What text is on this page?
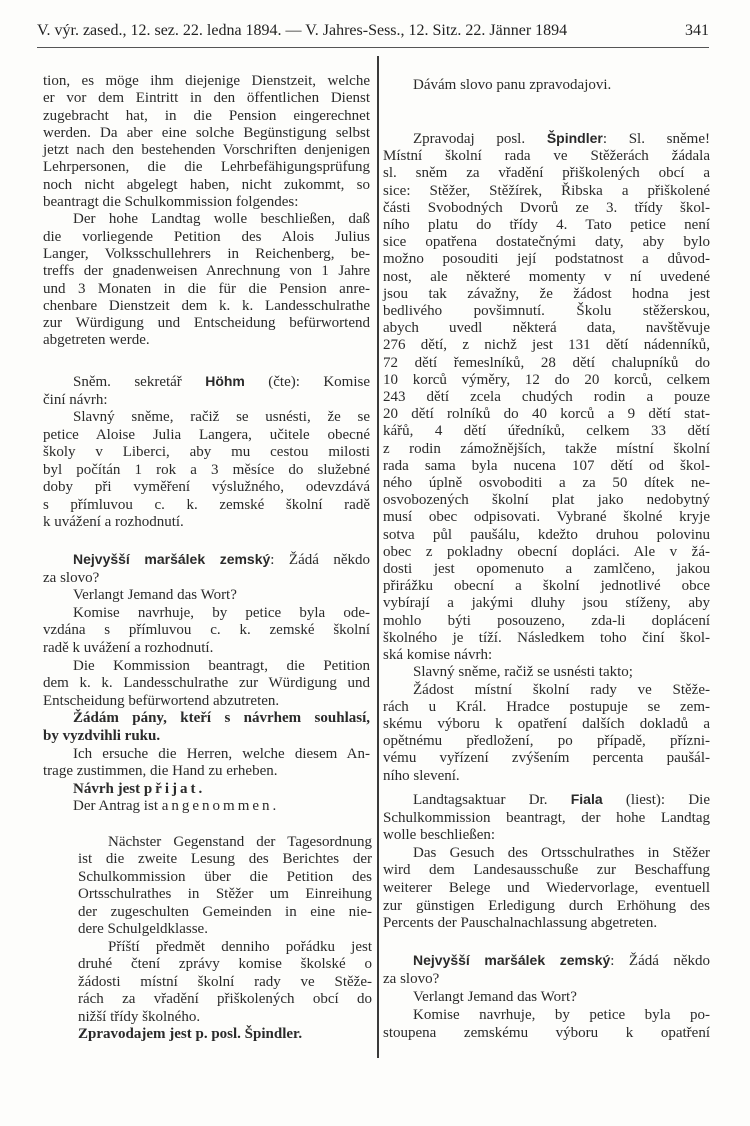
V. výr. zased., 12. sez. 22. ledna 1894. — V. Jahres-Sess., 12. Sitz. 22. Jänner 1894	341
tion, es möge ihm diejenige Dienstzeit, welche
er vor dem Eintritt in den öffentlichen Dienst
zugebracht hat, in die Pension eingerechnet
werden. Da aber eine solche Begünstigung selbst
jetzt nach den bestehenden Vorschriften denjenigen
Lehrpersonen, die die Lehrbefähigungsprüfung
noch nicht abgelegt haben, nicht zukommt, so
beantragt die Schulkommission folgendes:
Der hohe Landtag wolle beschließen, daß
die vorliegende Petition des Alois Julius
Langer, Volksschullehrers in Reichenberg, be-
treffs der gnadenweisen Anrechnung von 1 Jahre
und 3 Monaten in die für die Pension anre-
chenbare Dienstzeit dem k. k. Landesschulrathe
zur Würdigung und Entscheidung befürwortend
abgetreten werde.
Sněm. sekretář Höhm (čte): Komise
činí návrh:
Slavný sněme, račiž se usnésti, že se
petice Aloise Julia Langera, učitele obecné
školy v Liberci, aby mu cestou milosti
byl počítán 1 rok a 3 měsíce do služebné
doby při vyměření výslužného, odevzdává
s přímluvou c. k. zemské školní radě
k uvážení a rozhodnutí.
Nejvyšší maršálek zemský: Žádá někdo
za slovo?
Verlangt Jemand das Wort?
Komise navrhuje, by petice byla ode-
vzdána s přímluvou c. k. zemské školní
radě k uvážení a rozhodnutí.
Die Kommission beantragt, die Petition
dem k. k. Landesschulrathe zur Würdigung und
Entscheidung befürwortend abzutreten.
Žádám pány, kteří s návrhem souhlasí,
by vyzdvihli ruku.
Ich ersuche die Herren, welche diesem An-
trage zustimmen, die Hand zu erheben.
Návrh jest přijat.
Der Antrag ist angenommen.
Nächster Gegenstand der Tagesordnung
ist die zweite Lesung des Berichtes der
Schulkommission über die Petition des
Ortsschulrathes in Stěžer um Einreihung
der zugeschulten Gemeinden in eine nie-
dere Schulgeldklasse.
Příští předmět denniho pořádku jest
druhé čtení zprávy komise školské o
žádosti místní školní rady ve Stěže-
rách za vřadění přiškolených obcí do
nižší třídy školného.
Zpravodajem jest p. posl. Špindler.
Dávám slovo panu zpravodajovi.
Zpravodaj posl. Špindler: Sl. sněme!
Místní školní rada ve Stěžerách žádala
sl. sněm za vřadění přiškolených obcí a
sice: Stěžer, Stěžírek, Řibska a přiškolené
části Svobodných Dvorů ze 3. třídy škol-
ního platu do třídy 4. Tato petice není
sice opatřena dostatečnými daty, aby bylo
možno posouditi její podstatnost a důvod-
nost, ale některé momenty v ní uvedené
jsou tak závažny, že žádost hodna jest
bedlivého povšimnutí. Školu stěžerskou,
abych uvedl některá data, navštěvuje
276 dětí, z nichž jest 131 dětí nádenníků,
72 dětí řemeslníků, 28 dětí chalupníků do
10 korců výměry, 12 do 20 korců, celkem
243 dětí zcela chudých rodin a pouze
20 dětí rolníků do 40 korců a 9 dětí stat-
kářů, 4 dětí úředníků, celkem 33 dětí
z rodin zámožnějších, takže místní školní
rada sama byla nucena 107 dětí od škol-
ného úplně osvoboditi a za 50 dítek ne-
osvobozených školní plat jako nedobytný
musí obec odpisovati. Vybrané školné kryje
sotva půl paušálu, kdežto druhou polovinu
obec z pokladny obecní dopláci. Ale v žá-
dosti jest opomenuto a zamlčeno, jakou
přirážku obecní a školní jednotlivé obce
vybírají a jakými dluhy jsou stíženy, aby
mohlo býti posouzeno, zda-li doplácení
školného je tíží. Následkem toho činí škol-
ská komise návrh:
Slavný sněme, račiž se usnésti takto;
Žádost místní školní rady ve Stěže-
rách u Král. Hradce postupuje se zem-
skému výboru k opatření dalších dokladů a
opětnému předložení, po případě, přízni-
vému vyřízení zvýšením percenta paušál-
ního slevení.
Landtagsaktuar Dr. Fiala (liest): Die
Schulkommission beantragt, der hohe Landtag
wolle beschließen:
Das Gesuch des Ortsschulrathes in Stěžer
wird dem Landesausschuße zur Beschaffung
weiterer Belege und Wiedervorlage, eventuell
zur günstigen Erledigung durch Erhöhung des
Percents der Pauschalnachlassung abgetreten.
Nejvyšší maršálek zemský: Žádá někdo
za slovo?
Verlangt Jemand das Wort?
Komise navrhuje, by petice byla po-
stoupena zemskému výboru k opatření
